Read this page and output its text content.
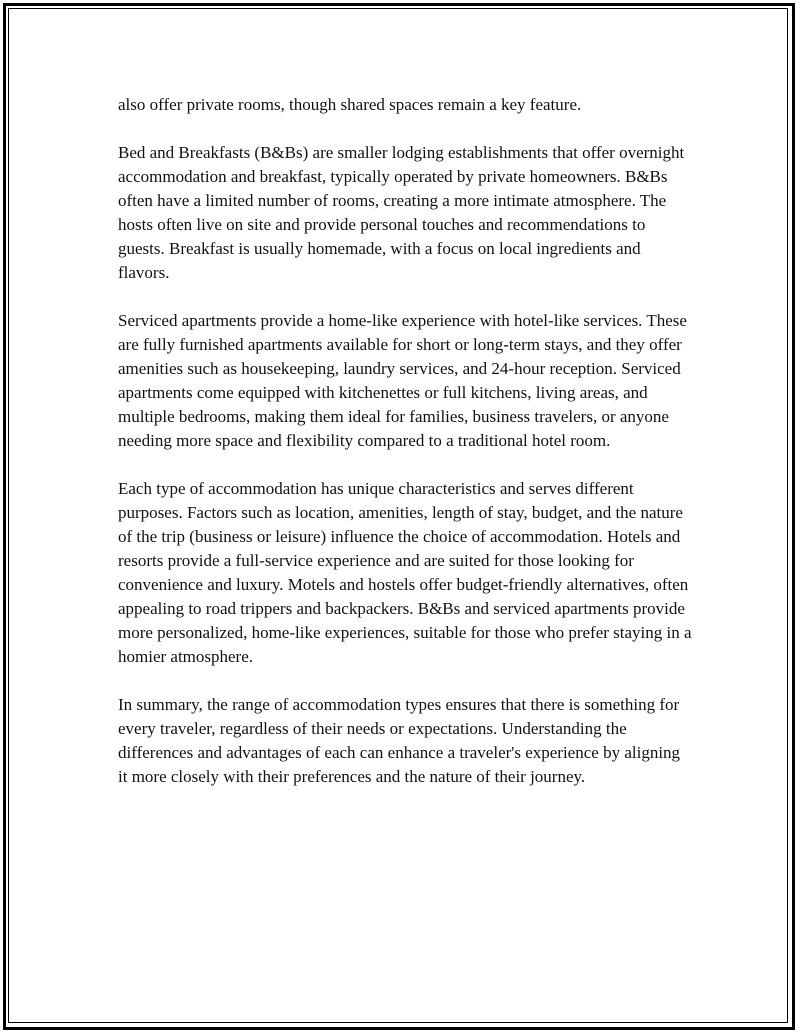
also offer private rooms, though shared spaces remain a key feature.

Bed and Breakfasts (B&Bs) are smaller lodging establishments that offer overnight accommodation and breakfast, typically operated by private homeowners. B&Bs often have a limited number of rooms, creating a more intimate atmosphere. The hosts often live on site and provide personal touches and recommendations to guests. Breakfast is usually homemade, with a focus on local ingredients and flavors.

Serviced apartments provide a home-like experience with hotel-like services. These are fully furnished apartments available for short or long-term stays, and they offer amenities such as housekeeping, laundry services, and 24-hour reception. Serviced apartments come equipped with kitchenettes or full kitchens, living areas, and multiple bedrooms, making them ideal for families, business travelers, or anyone needing more space and flexibility compared to a traditional hotel room.

Each type of accommodation has unique characteristics and serves different purposes. Factors such as location, amenities, length of stay, budget, and the nature of the trip (business or leisure) influence the choice of accommodation. Hotels and resorts provide a full-service experience and are suited for those looking for convenience and luxury. Motels and hostels offer budget-friendly alternatives, often appealing to road trippers and backpackers. B&Bs and serviced apartments provide more personalized, home-like experiences, suitable for those who prefer staying in a homier atmosphere.

In summary, the range of accommodation types ensures that there is something for every traveler, regardless of their needs or expectations. Understanding the differences and advantages of each can enhance a traveler's experience by aligning it more closely with their preferences and the nature of their journey.
